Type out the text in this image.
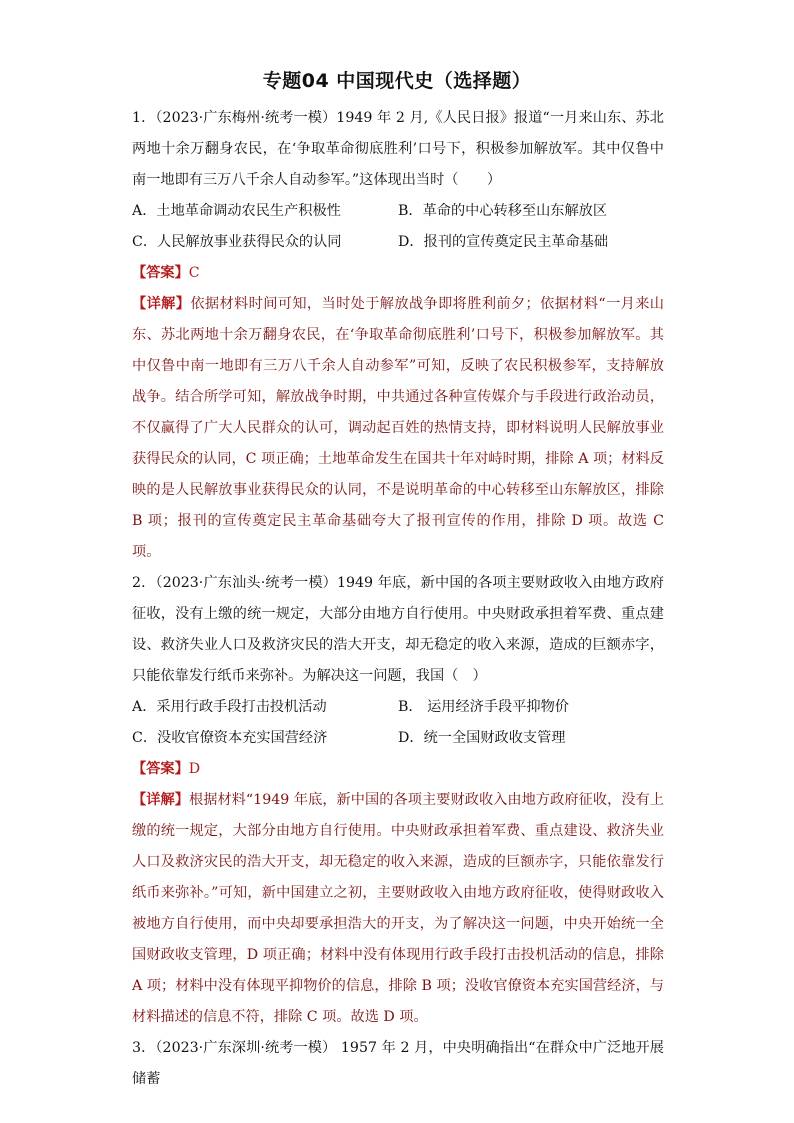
专题04 中国现代史（选择题）

1．（2023·广东梅州·统考一模）1949 年 2 月,《人民日报》报道“一月来山东、苏北两地十余万翻身农民，在‘争取革命彻底胜利’口号下，积极参加解放军。其中仅鲁中南一地即有三万八千余人自动参军。”这体现出当时（　　）

A．土地革命调动农民生产积极性	B．革命的中心转移至山东解放区
C．人民解放事业获得民众的认同	D．报刊的宣传奠定民主革命基础

【答案】C

【详解】依据材料时间可知，当时处于解放战争即将胜利前夕；依据材料“一月来山东、苏北两地十余万翻身农民，在‘争取革命彻底胜利’口号下，积极参加解放军。其中仅鲁中南一地即有三万八千余人自动参军”可知，反映了农民积极参军，支持解放战争。结合所学可知，解放战争时期，中共通过各种宣传媒介与手段进行政治动员，不仅赢得了广大人民群众的认可，调动起百姓的热情支持，即材料说明人民解放事业获得民众的认同，C 项正确；土地革命发生在国共十年对峙时期，排除 A 项；材料反映的是人民解放事业获得民众的认同，不是说明革命的中心转移至山东解放区，排除 B 项；报刊的宣传奠定民主革命基础夸大了报刊宣传的作用，排除 D 项。故选 C 项。

2．（2023·广东汕头·统考一模）1949 年底，新中国的各项主要财政收入由地方政府征收，没有上缴的统一规定，大部分由地方自行使用。中央财政承担着军费、重点建设、救济失业人口及救济灾民的浩大开支，却无稳定的收入来源，造成的巨额赤字，只能依靠发行纸币来弥补。为解决这一问题，我国（　）

A．采用行政手段打击投机活动	B． 运用经济手段平抑物价
C．没收官僚资本充实国营经济	D．统一全国财政收支管理

【答案】D

【详解】根据材料“1949 年底，新中国的各项主要财政收入由地方政府征收，没有上缴的统一规定，大部分由地方自行使用。中央财政承担着军费、重点建设、救济失业人口及救济灾民的浩大开支，却无稳定的收入来源，造成的巨额赤字，只能依靠发行纸币来弥补。”可知，新中国建立之初，主要财政收入由地方政府征收，使得财政收入被地方自行使用，而中央却要承担浩大的开支，为了解决这一问题，中央开始统一全国财政收支管理，D 项正确；材料中没有体现用行政手段打击投机活动的信息，排除 A 项；材料中没有体现平抑物价的信息，排除 B 项；没收官僚资本充实国营经济，与材料描述的信息不符，排除 C 项。故选 D 项。

3．（2023·广东深圳·统考一模） 1957 年 2 月，中央明确指出“在群众中广泛地开展储蓄
